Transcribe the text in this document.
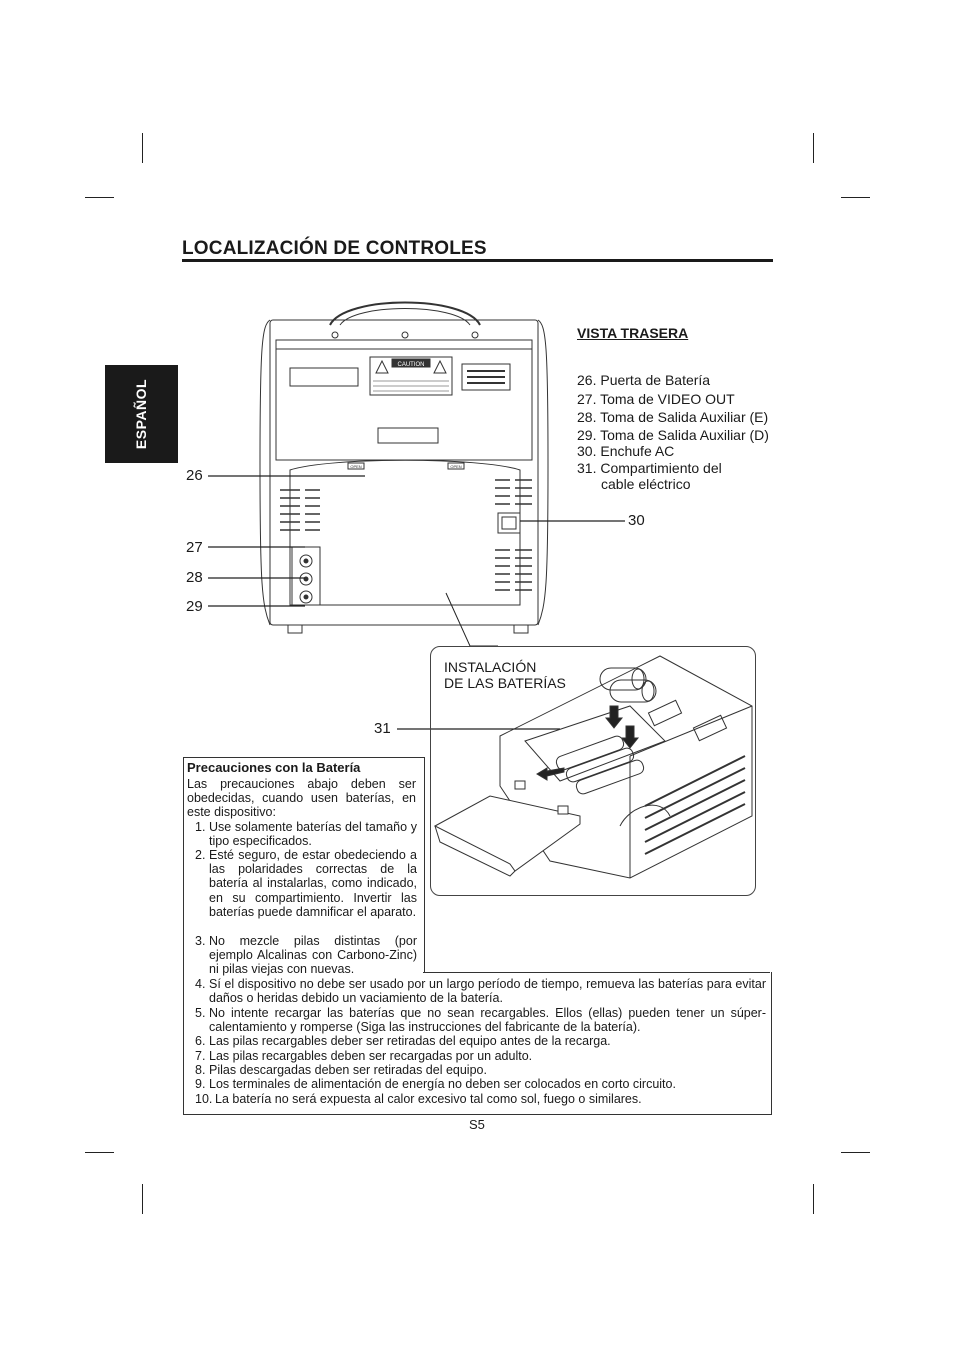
LOCALIZACIÓN DE CONTROLES
ESPAÑOL
CAUTION
OPEN	OPEN
VISTA TRASERA
26. Puerta de Batería
27. Toma de VIDEO OUT
28. Toma de Salida Auxiliar (E)
29. Toma de Salida Auxiliar (D)
30. Enchufe AC
31. Compartimiento del
cable eléctrico
26
27
28
29
30
31
INSTALACIÓN
DE LAS BATERÍAS
Precauciones con la Batería
Las precauciones abajo deben ser obedecidas, cuando usen baterías, en este dispositivo:
1. Use solamente baterías del tamaño y tipo especificados.
2. Esté seguro, de estar obedeciendo a las polaridades correctas de la batería al instalarlas, como indicado, en su compartimiento. Invertir las baterías puede damnificar el aparato.
3. No mezcle pilas distintas (por ejemplo Alcalinas con Carbono-Zinc) ni pilas viejas con nuevas.
4. Sí el dispositivo no debe ser usado por un largo período de tiempo, remueva las baterías para evitar daños o heridas debido un vaciamiento de la batería.
5. No intente recargar las baterías que no sean recargables. Ellos (ellas) pueden tener un súper-calentamiento y romperse (Siga las instrucciones del fabricante de la batería).
6. Las pilas recargables deber ser retiradas del equipo antes de la recarga.
7. Las pilas recargables deben ser recargadas por un adulto.
8. Pilas descargadas deben ser retiradas del equipo.
9. Los terminales de alimentación de energía no deben ser colocados en corto circuito.
10. La batería no será expuesta al calor excesivo tal como sol, fuego o similares.
S5
